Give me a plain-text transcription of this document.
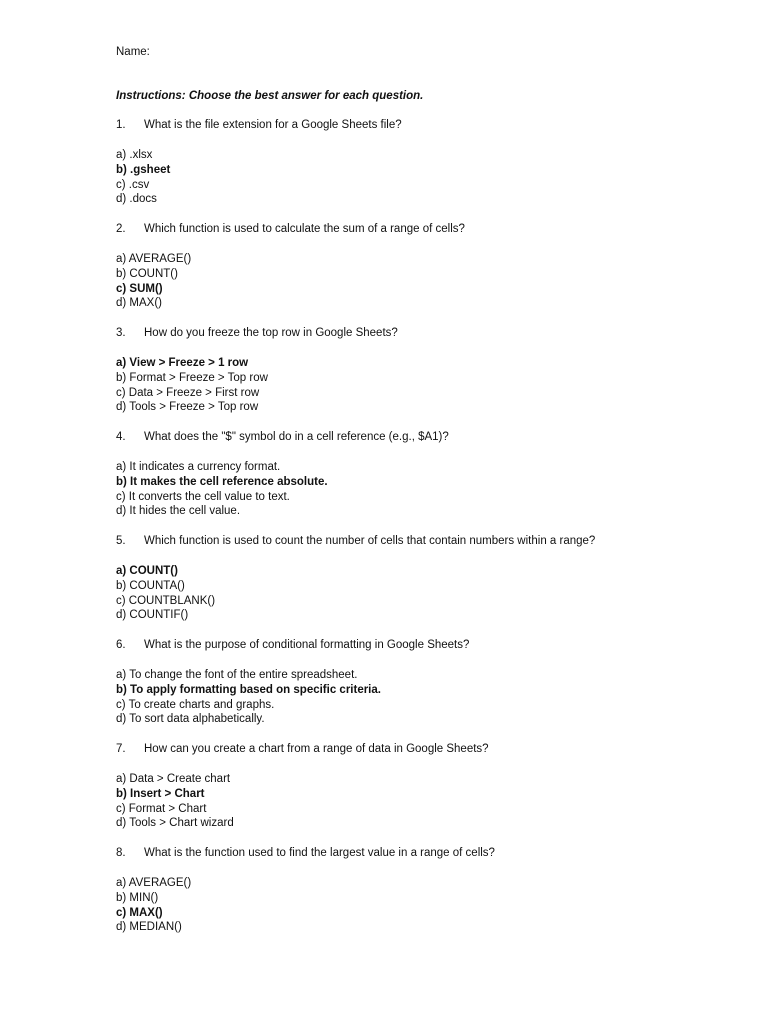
Name:
Instructions: Choose the best answer for each question.
1. What is the file extension for a Google Sheets file?
a) .xlsx
b) .gsheet
c) .csv
d) .docs
2. Which function is used to calculate the sum of a range of cells?
a) AVERAGE()
b) COUNT()
c) SUM()
d) MAX()
3. How do you freeze the top row in Google Sheets?
a) View > Freeze > 1 row
b) Format > Freeze > Top row
c) Data > Freeze > First row
d) Tools > Freeze > Top row
4. What does the "$" symbol do in a cell reference (e.g., $A1)?
a) It indicates a currency format.
b) It makes the cell reference absolute.
c) It converts the cell value to text.
d) It hides the cell value.
5. Which function is used to count the number of cells that contain numbers within a range?
a) COUNT()
b) COUNTA()
c) COUNTBLANK()
d) COUNTIF()
6. What is the purpose of conditional formatting in Google Sheets?
a) To change the font of the entire spreadsheet.
b) To apply formatting based on specific criteria.
c) To create charts and graphs.
d) To sort data alphabetically.
7. How can you create a chart from a range of data in Google Sheets?
a) Data > Create chart
b) Insert > Chart
c) Format > Chart
d) Tools > Chart wizard
8. What is the function used to find the largest value in a range of cells?
a) AVERAGE()
b) MIN()
c) MAX()
d) MEDIAN()
